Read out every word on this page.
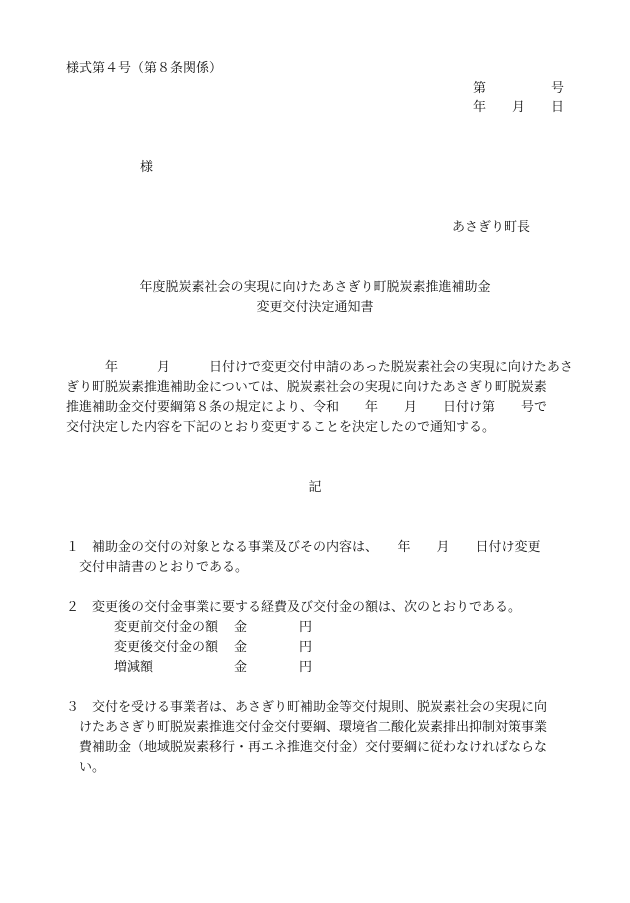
様式第４号（第８条関係）
第　　　　　号
年　　月　　日
様
あさぎり町長
年度脱炭素社会の実現に向けたあさぎり町脱炭素推進補助金
変更交付決定通知書
　　　年　　　月　　　日付けで変更交付申請のあった脱炭素社会の実現に向けたあさ
ぎり町脱炭素推進補助金については、脱炭素社会の実現に向けたあさぎり町脱炭素
推進補助金交付要綱第８条の規定により、令和　　年　　月　　日付け第　　号で
交付決定した内容を下記のとおり変更することを決定したので通知する。
記
１　補助金の交付の対象となる事業及びその内容は、　　年　　月　　日付け変更
　交付申請書のとおりである。
２　変更後の交付金事業に要する経費及び交付金の額は、次のとおりである。
変更前交付金の額 金	円
変更後交付金の額 金	円
増減額	金	円
３　交付を受ける事業者は、あさぎり町補助金等交付規則、脱炭素社会の実現に向
　けたあさぎり町脱炭素推進交付金交付要綱、環境省二酸化炭素排出抑制対策事業
　費補助金（地域脱炭素移行・再エネ推進交付金）交付要綱に従わなければならな
　い。
